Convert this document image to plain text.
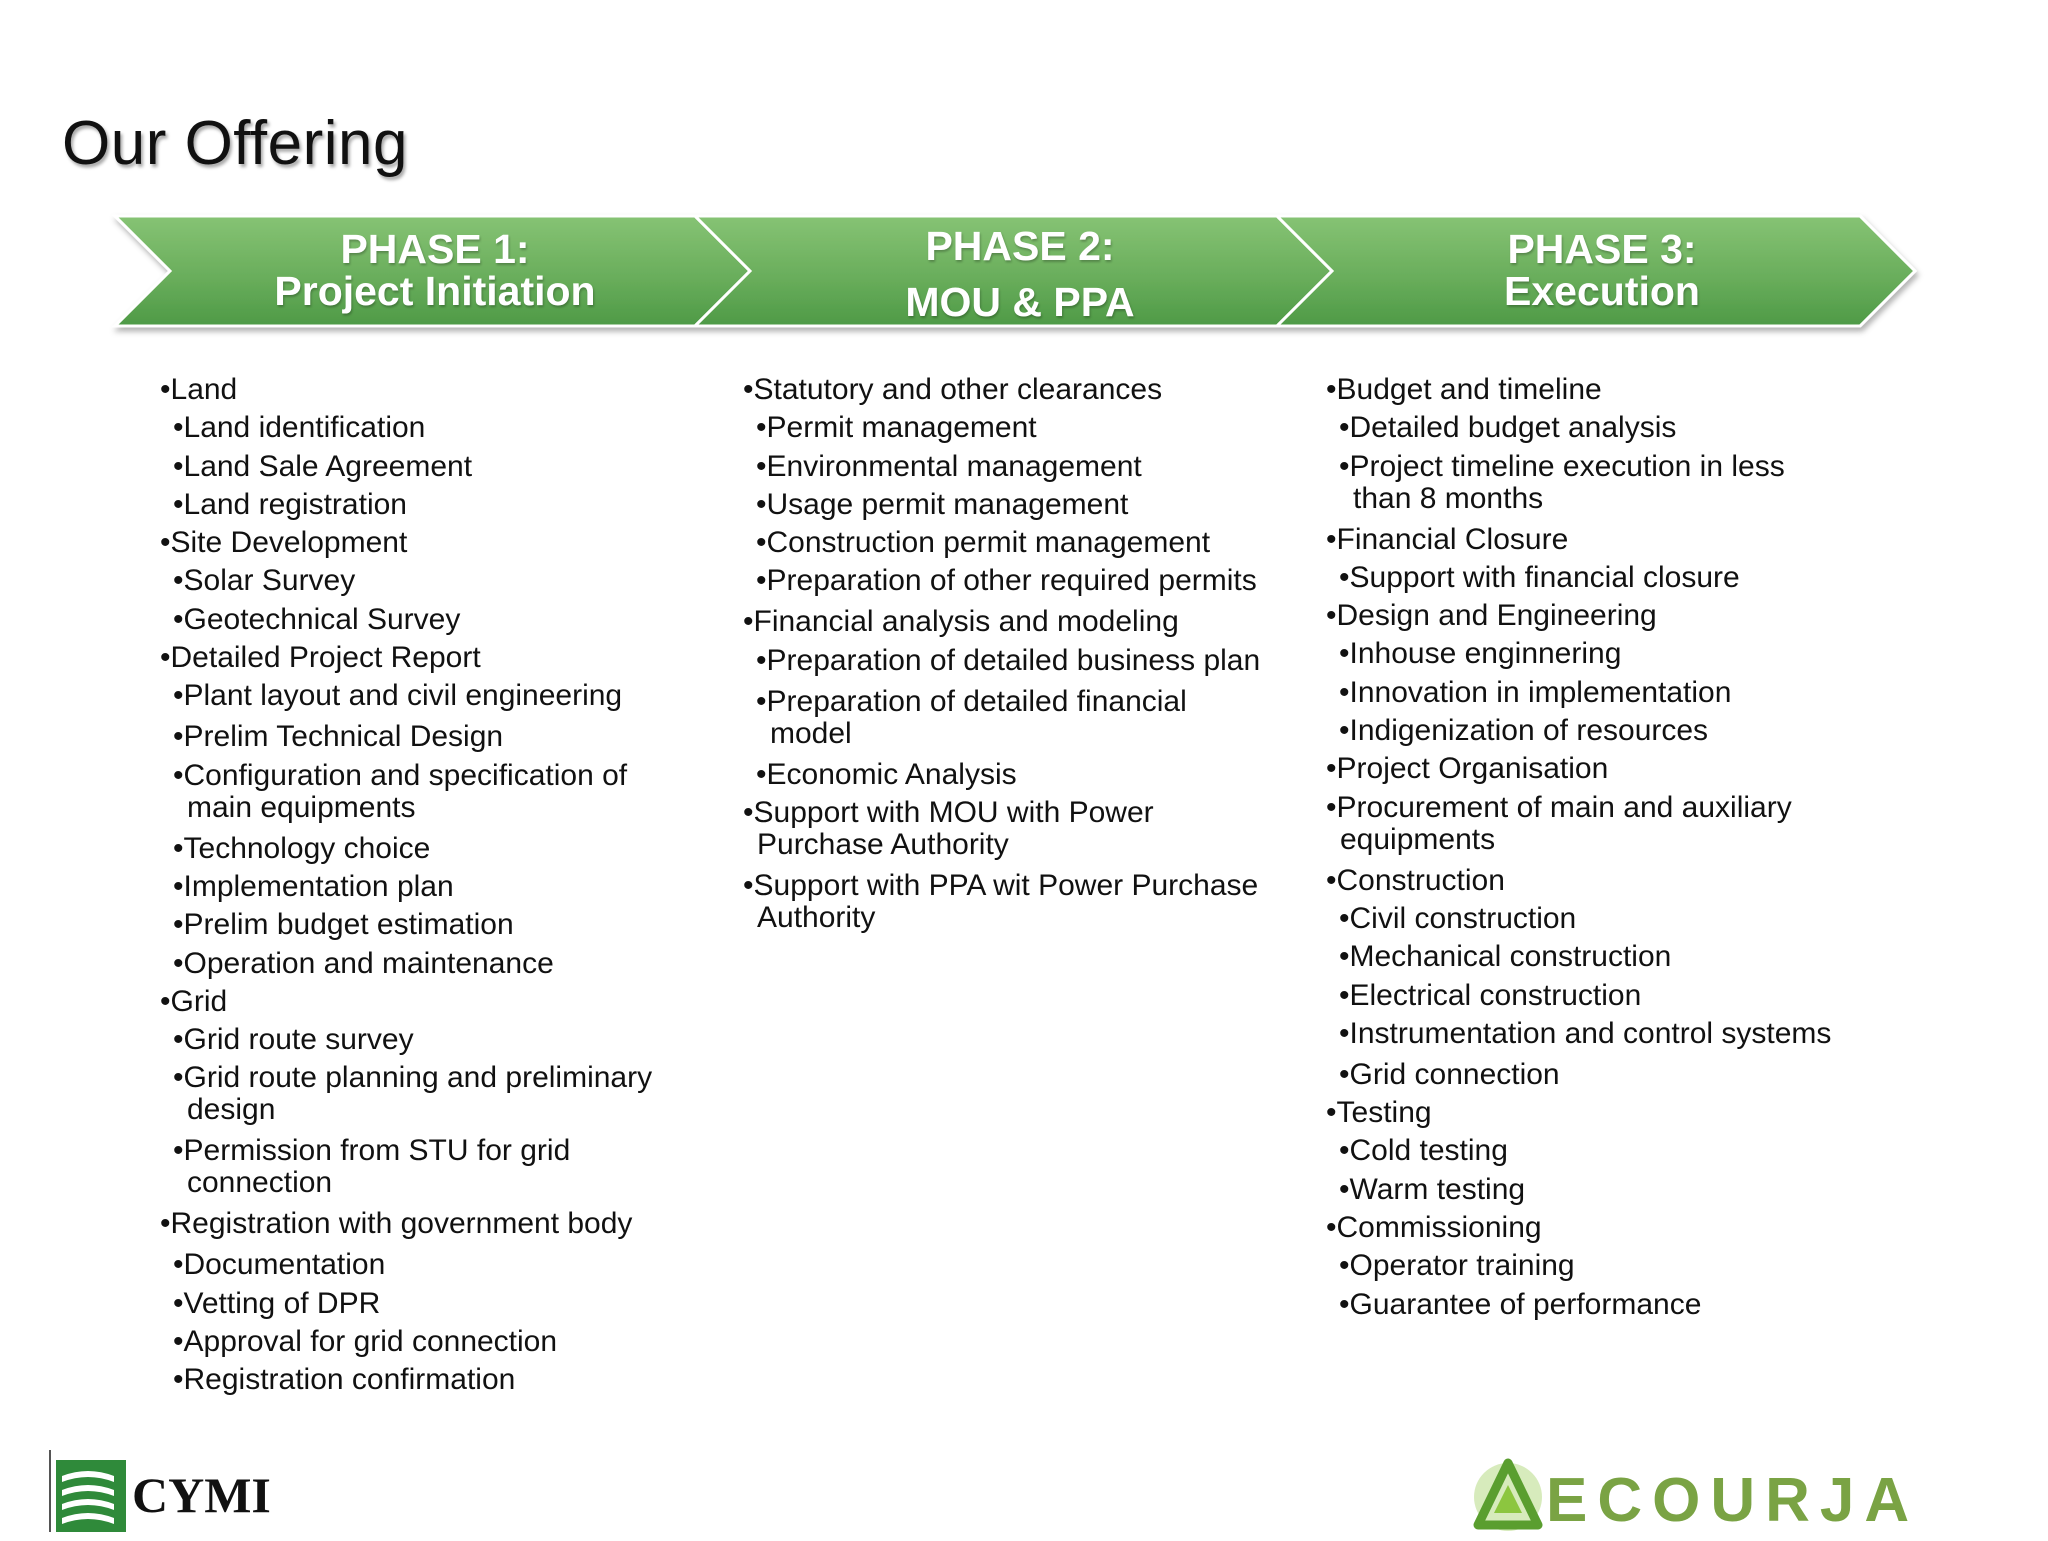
Our Offering
PHASE 1:
Project Initiation
PHASE 2:
MOU & PPA
PHASE 3:
Execution
•Land
•Land identification
•Land Sale Agreement
•Land registration
•Site Development
•Solar Survey
•Geotechnical Survey
•Detailed Project Report
•Plant layout and civil engineering
•Prelim Technical Design
•Configuration and specification of main equipments
•Technology choice
•Implementation plan
•Prelim budget estimation
•Operation and maintenance
•Grid
•Grid route survey
•Grid route planning and preliminary design
•Permission from STU for grid connection
•Registration with government body
•Documentation
•Vetting of DPR
•Approval for grid connection
•Registration confirmation
•Statutory and other clearances
•Permit management
•Environmental management
•Usage permit management
•Construction permit management
•Preparation of other required permits
•Financial analysis and modeling
•Preparation of detailed business plan
•Preparation of detailed financial model
•Economic Analysis
•Support with MOU with Power Purchase Authority
•Support with PPA wit Power Purchase Authority
•Budget and timeline
•Detailed budget analysis
•Project timeline execution in less than 8 months
•Financial Closure
•Support with financial closure
•Design and Engineering
•Inhouse enginnering
•Innovation in implementation
•Indigenization of resources
•Project Organisation
•Procurement of main and auxiliary equipments
•Construction
•Civil construction
•Mechanical construction
•Electrical construction
•Instrumentation and control systems
•Grid connection
•Testing
•Cold testing
•Warm testing
•Commissioning
•Operator training
•Guarantee of performance
CYMI	ECOURJA
